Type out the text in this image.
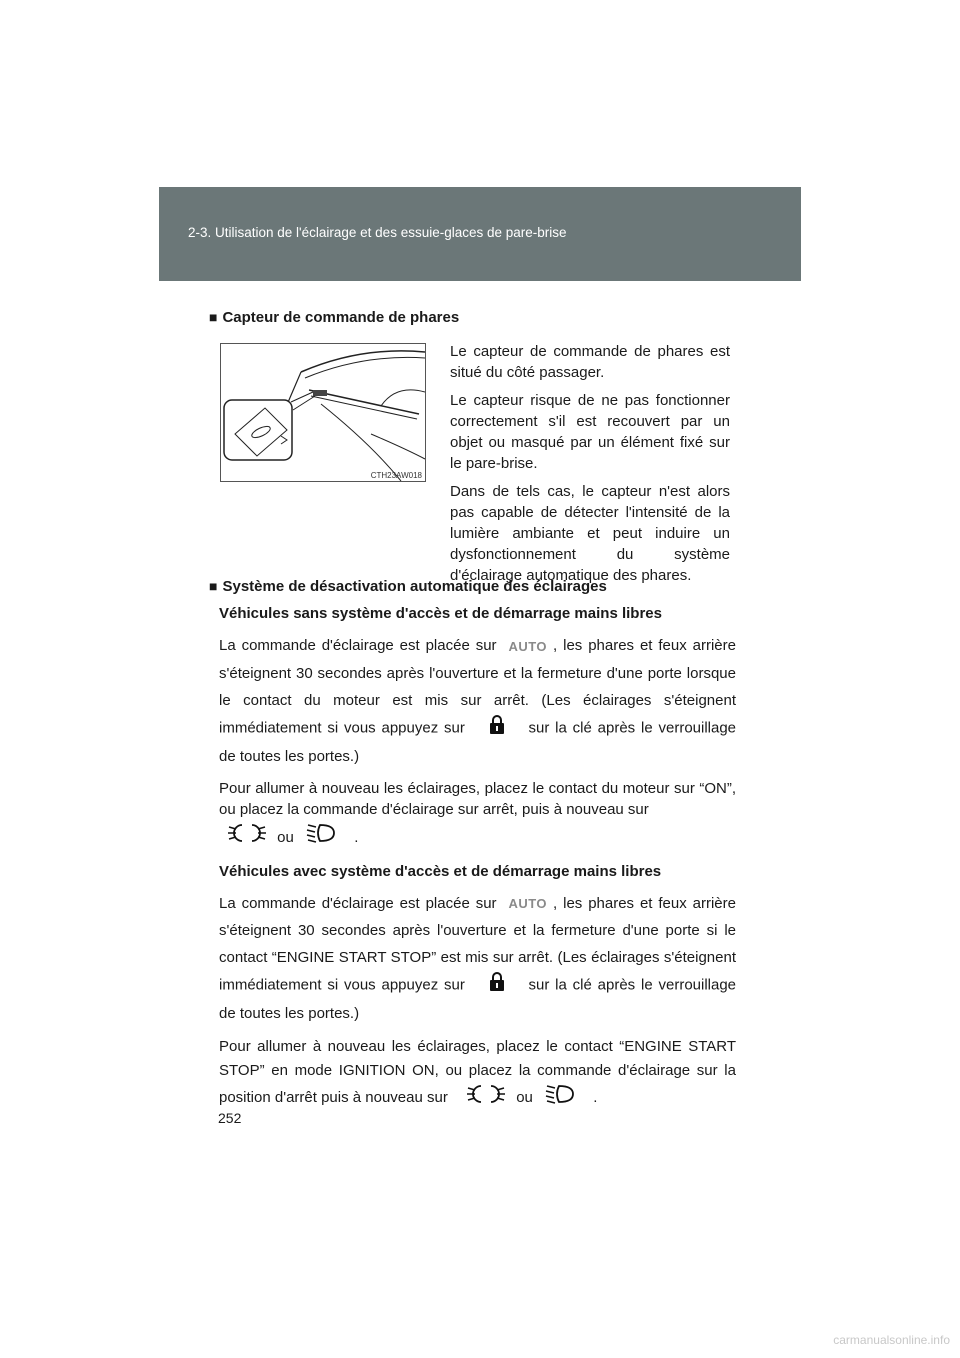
2-3. Utilisation de l'éclairage et des essuie-glaces de pare-brise
■ Capteur de commande de phares
CTH23AW018

Le capteur de commande de phares est situé du côté passager.

Le capteur risque de ne pas fonctionner correctement s'il est recouvert par un objet ou masqué par un élément fixé sur le pare-brise.

Dans de tels cas, le capteur n'est alors pas capable de détecter l'intensité de la lumière ambiante et peut induire un dysfonctionnement du système d'éclairage automatique des phares.

■ Système de désactivation automatique des éclairages

Véhicules sans système d'accès et de démarrage mains libres

La commande d'éclairage est placée sur AUTO , les phares et feux arrière s'éteignent 30 secondes après l'ouverture et la fermeture d'une porte lorsque le contact du moteur est mis sur arrêt. (Les éclairages s'éteignent immédiatement si vous appuyez sur	sur la clé après le verrouillage de toutes les portes.)

Pour allumer à nouveau les éclairages, placez le contact du moteur sur “ON”, ou placez la commande d'éclairage sur arrêt, puis à nouveau sur

ou	.

Véhicules avec système d'accès et de démarrage mains libres

La commande d'éclairage est placée sur AUTO , les phares et feux arrière s'éteignent 30 secondes après l'ouverture et la fermeture d'une porte si le contact “ENGINE START STOP” est mis sur arrêt. (Les éclairages s'éteignent immédiatement si vous appuyez sur	sur la clé après le verrouillage de toutes les portes.)

Pour allumer à nouveau les éclairages, placez le contact “ENGINE START STOP” en mode IGNITION ON, ou placez la commande d'éclairage sur la position d'arrêt puis à nouveau sur	ou	.

252
carmanualsonline.info
